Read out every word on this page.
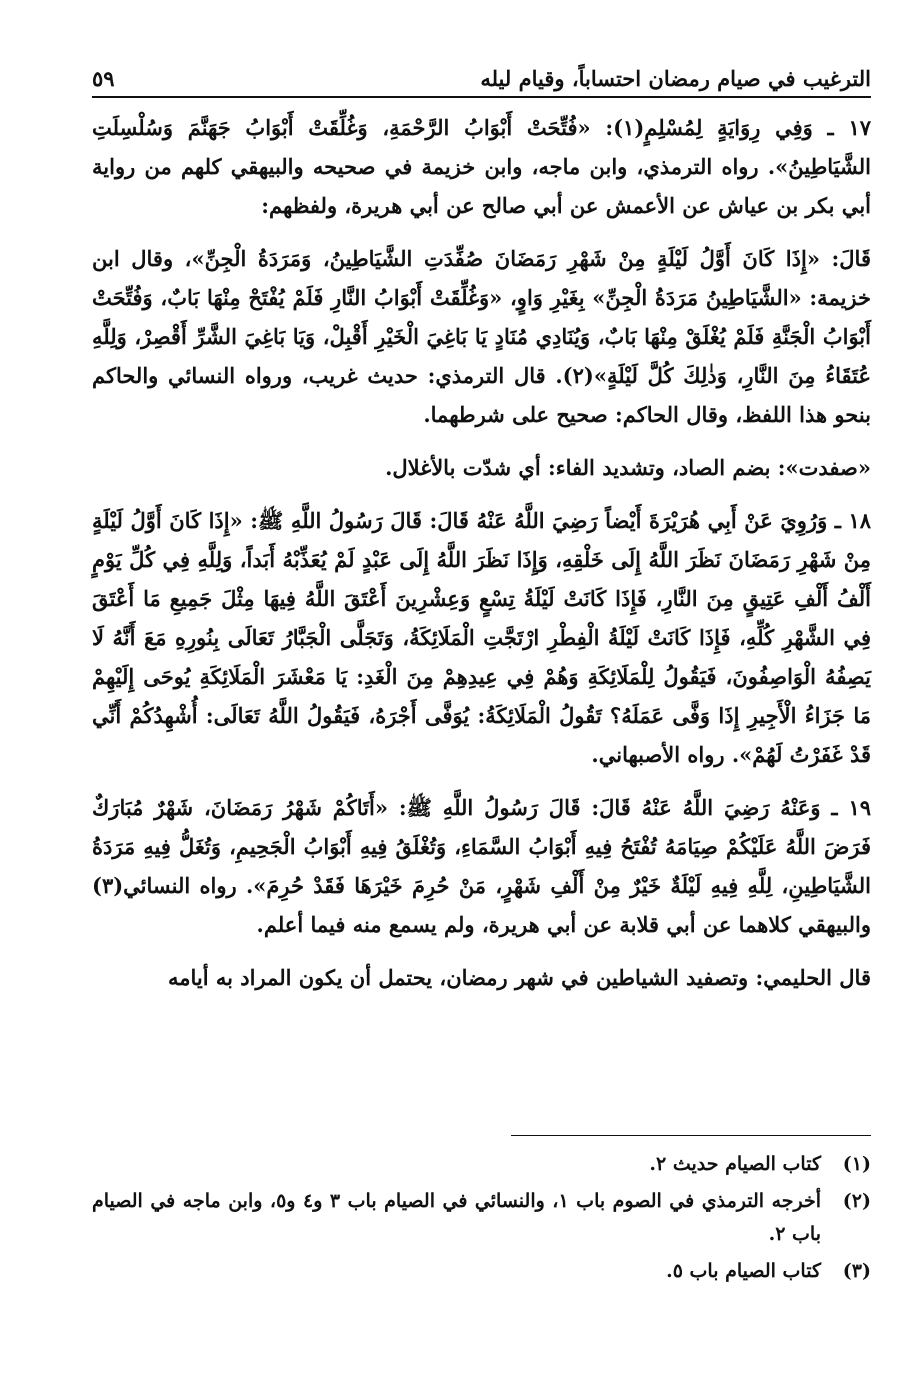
الترغيب في صيام رمضان احتساباً، وقيام ليله
٥٩

١٧ ـ وَفِي رِوَايَةٍ لِمُسْلِمٍ(١): «فُتِّحَتْ أَبْوَابُ الرَّحْمَةِ، وَغُلِّقَتْ أَبْوَابُ جَهَنَّمَ وَسُلْسِلَتِ الشَّيَاطِينُ». رواه الترمذي، وابن ماجه، وابن خزيمة في صحيحه والبيهقي كلهم من رواية أبي بكر بن عياش عن الأعمش عن أبي صالح عن أبي هريرة، ولفظهم:

قَالَ: «إِذَا كَانَ أَوَّلُ لَيْلَةٍ مِنْ شَهْرِ رَمَضَانَ صُفِّدَتِ الشَّيَاطِينُ، وَمَرَدَةُ الْجِنِّ»، وقال ابن خزيمة: «الشَّيَاطِينُ مَرَدَةُ الْجِنِّ» بِغَيْرِ وَاوٍ، «وَغُلِّقَتْ أَبْوَابُ النَّارِ فَلَمْ يُفْتَحْ مِنْهَا بَابٌ، وَفُتِّحَتْ أَبْوَابُ الْجَنَّةِ فَلَمْ يُغْلَقْ مِنْهَا بَابٌ، وَيُنَادِي مُنَادٍ يَا بَاغِيَ الْخَيْرِ أَقْبِلْ، وَيَا بَاغِيَ الشَّرِّ أَقْصِرْ، وَلِلَّهِ عُتَقَاءُ مِنَ النَّارِ، وَذٰلِكَ كُلَّ لَيْلَةٍ»(٢). قال الترمذي: حديث غريب، ورواه النسائي والحاكم بنحو هذا اللفظ، وقال الحاكم: صحيح على شرطهما.

«صفدت»: بضم الصاد، وتشديد الفاء: أي شدّت بالأغلال.

١٨ ـ وَرُوِيَ عَنْ أَبِي هُرَيْرَةَ أَيْضاً رَضِيَ اللَّهُ عَنْهُ قَالَ: قَالَ رَسُولُ اللَّهِ ﷺ: «إِذَا كَانَ أَوَّلُ لَيْلَةٍ مِنْ شَهْرِ رَمَضَانَ نَظَرَ اللَّهُ إِلَى خَلْقِهِ، وَإِذَا نَظَرَ اللَّهُ إِلَى عَبْدٍ لَمْ يُعَذِّبْهُ أَبَداً، وَلِلَّهِ فِي كُلِّ يَوْمٍ أَلْفُ أَلْفِ عَتِيقٍ مِنَ النَّارِ، فَإِذَا كَانَتْ لَيْلَةُ تِسْعٍ وَعِشْرِينَ أَعْتَقَ اللَّهُ فِيهَا مِثْلَ جَمِيعِ مَا أَعْتَقَ فِي الشَّهْرِ كُلِّهِ، فَإِذَا كَانَتْ لَيْلَةُ الْفِطْرِ ارْتَجَّتِ الْمَلَائِكَةُ، وَتَجَلَّى الْجَبَّارُ تَعَالَى بِنُورِهِ مَعَ أَنَّهُ لَا يَصِفُهُ الْوَاصِفُونَ، فَيَقُولُ لِلْمَلَائِكَةِ وَهُمْ فِي عِيدِهِمْ مِنَ الْغَدِ: يَا مَعْشَرَ الْمَلَائِكَةِ يُوحَى إِلَيْهِمْ مَا جَزَاءُ الْأَجِيرِ إِذَا وَفَّى عَمَلَهُ؟ تَقُولُ الْمَلَائِكَةُ: يُوَفَّى أَجْرَهُ، فَيَقُولُ اللَّهُ تَعَالَى: أُشْهِدُكُمْ أَنِّي قَدْ غَفَرْتُ لَهُمْ». رواه الأصبهاني.

١٩ ـ وَعَنْهُ رَضِيَ اللَّهُ عَنْهُ قَالَ: قَالَ رَسُولُ اللَّهِ ﷺ: «أَتَاكُمْ شَهْرُ رَمَضَانَ، شَهْرٌ مُبَارَكٌ فَرَضَ اللَّهُ عَلَيْكُمْ صِيَامَهُ تُفْتَحُ فِيهِ أَبْوَابُ السَّمَاءِ، وَتُغْلَقُ فِيهِ أَبْوَابُ الْجَحِيمِ، وَتُغَلُّ فِيهِ مَرَدَةُ الشَّيَاطِينِ، لِلَّهِ فِيهِ لَيْلَةٌ خَيْرٌ مِنْ أَلْفِ شَهْرٍ، مَنْ حُرِمَ خَيْرَهَا فَقَدْ حُرِمَ». رواه النسائي(٣) والبيهقي كلاهما عن أبي قلابة عن أبي هريرة، ولم يسمع منه فيما أعلم.

قال الحليمي: وتصفيد الشياطين في شهر رمضان، يحتمل أن يكون المراد به أيامه

(١)
كتاب الصيام حديث ٢.
(٢)
أخرجه الترمذي في الصوم باب ١، والنسائي في الصيام باب ٣ و٤ و٥، وابن ماجه في الصيام باب ٢.
(٣)
كتاب الصيام باب ٥.
